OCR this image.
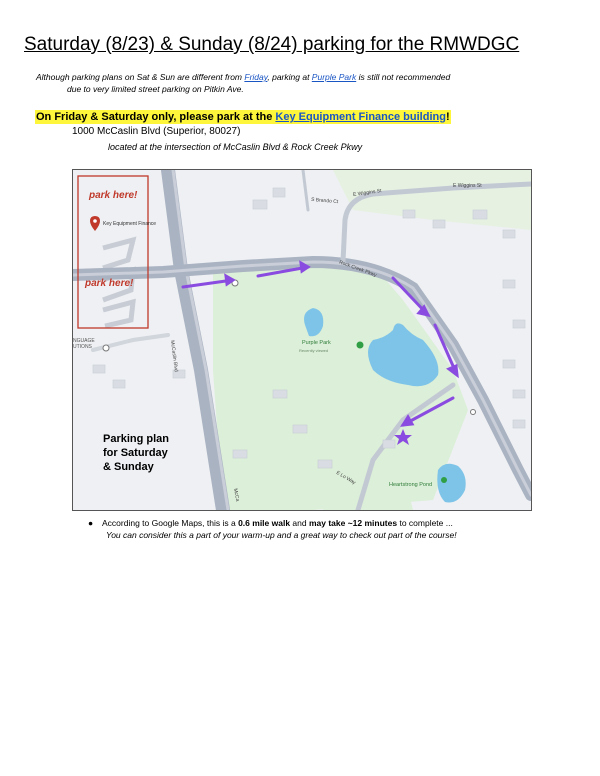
Saturday (8/23) & Sunday (8/24) parking for the RMWDGC
Although parking plans on Sat & Sun are different from Friday, parking at Purple Park is still not recommended
due to very limited street parking on Pitkin Ave.
On Friday & Saturday only, please park at the Key Equipment Finance building!
1000 McCaslin Blvd (Superior, 80027)
located at the intersection of McCaslin Blvd & Rock Creek Pkwy
park here!
park here!
Key Equipment Finance
NGUAGE
UTIONS
Purple Park
Recently viewed
Heartstrong Pond
Rock Creek Pkwy
McCaslin Blvd
McCa
E Wiggins St
E Wiggins St
S Brando Ct
E Lo Way
Parking plan
for Saturday
& Sunday
● According to Google Maps, this is a 0.6 mile walk and may take ~12 minutes to complete ...
You can consider this a part of your warm-up and a great way to check out part of the course!
